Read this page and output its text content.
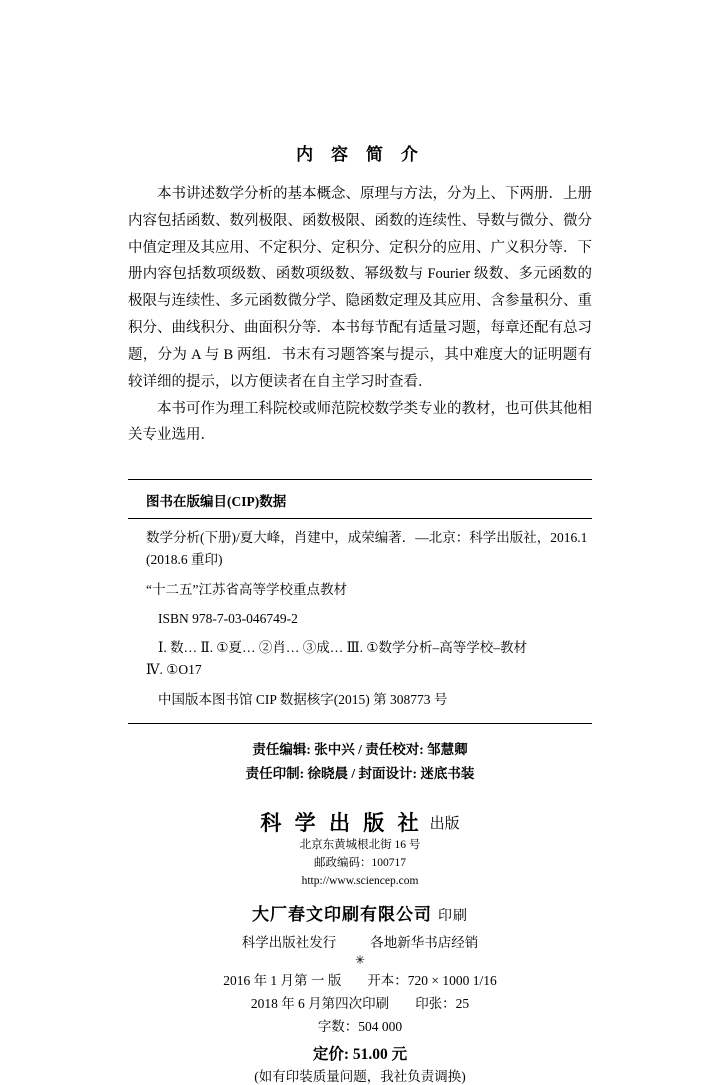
内 容 简 介

本书讲述数学分析的基本概念、原理与方法，分为上、下两册．上册内容包括函数、数列极限、函数极限、函数的连续性、导数与微分、微分中值定理及其应用、不定积分、定积分、定积分的应用、广义积分等．下册内容包括数项级数、函数项级数、幂级数与 Fourier 级数、多元函数的极限与连续性、多元函数微分学、隐函数定理及其应用、含参量积分、重积分、曲线积分、曲面积分等．本书每节配有适量习题，每章还配有总习题，分为 A 与 B 两组．书末有习题答案与提示，其中难度大的证明题有较详细的提示，以方便读者在自主学习时查看．

本书可作为理工科院校或师范院校数学类专业的教材，也可供其他相关专业选用．

图书在版编目(CIP)数据
数学分析(下册)/夏大峰，肖建中，成荣编著．—北京：科学出版社，2016.1
(2018.6 重印)
“十二五”江苏省高等学校重点教材
ISBN 978-7-03-046749-2
Ⅰ. 数… Ⅱ. ①夏… ②肖… ③成… Ⅲ. ①数学分析–高等学校–教材
Ⅳ. ①O17
中国版本图书馆 CIP 数据核字(2015) 第 308773 号
责任编辑: 张中兴 / 责任校对: 邹慧卿
责任印制: 徐晓晨 / 封面设计: 迷底书装
科 学 出 版 社 出版
北京东黄城根北街 16 号
邮政编码：100717
http://www.sciencep.com
大厂春文印刷有限公司 印刷
科学出版社发行	各地新华书店经销
✳
2016 年 1 月第 一 版 开本：720 × 1000 1/16
2018 年 6 月第四次印刷 印张：25
字数：504 000
定价: 51.00 元
(如有印装质量问题，我社负责调换)
